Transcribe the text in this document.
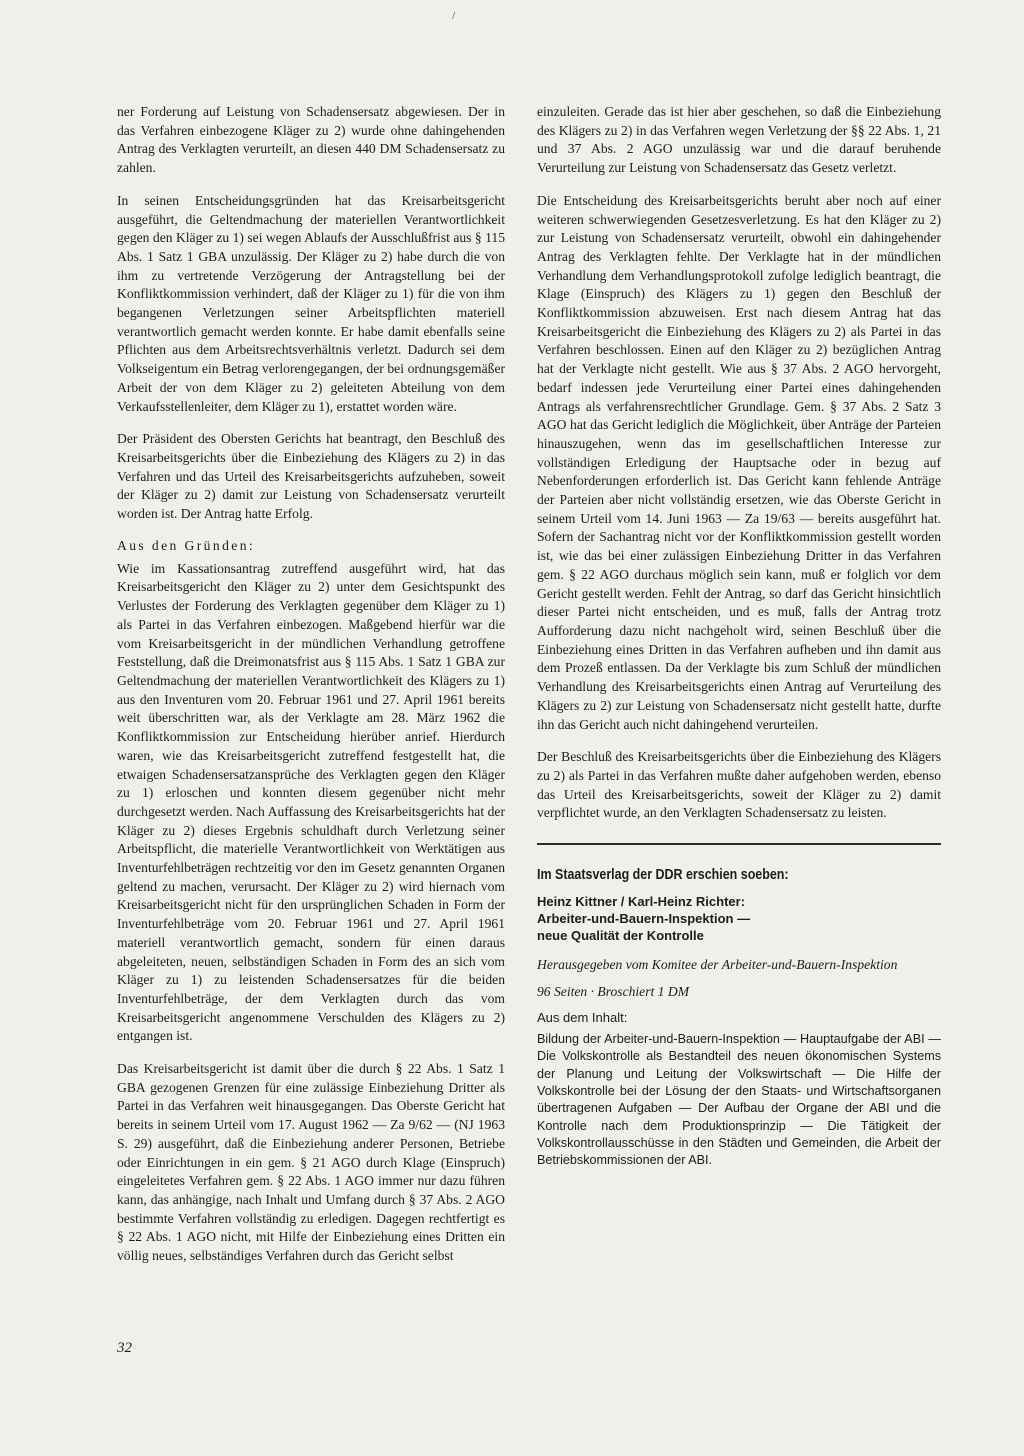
/

ner Forderung auf Leistung von Schadensersatz abgewiesen. Der in das Verfahren einbezogene Kläger zu 2) wurde ohne dahingehenden Antrag des Verklagten verurteilt, an diesen 440 DM Schadensersatz zu zahlen.

In seinen Entscheidungsgründen hat das Kreisarbeitsgericht ausgeführt, die Geltendmachung der materiellen Verantwortlichkeit gegen den Kläger zu 1) sei wegen Ablaufs der Ausschlußfrist aus § 115 Abs. 1 Satz 1 GBA unzulässig. Der Kläger zu 2) habe durch die von ihm zu vertretende Verzögerung der Antragstellung bei der Konfliktkommission verhindert, daß der Kläger zu 1) für die von ihm begangenen Verletzungen seiner Arbeitspflichten materiell verantwortlich gemacht werden konnte. Er habe damit ebenfalls seine Pflichten aus dem Arbeitsrechtsverhältnis verletzt. Dadurch sei dem Volkseigentum ein Betrag verlorengegangen, der bei ordnungsgemäßer Arbeit der von dem Kläger zu 2) geleiteten Abteilung von dem Verkaufsstellenleiter, dem Kläger zu 1), erstattet worden wäre.

Der Präsident des Obersten Gerichts hat beantragt, den Beschluß des Kreisarbeitsgerichts über die Einbeziehung des Klägers zu 2) in das Verfahren und das Urteil des Kreisarbeitsgerichts aufzuheben, soweit der Kläger zu 2) damit zur Leistung von Schadensersatz verurteilt worden ist. Der Antrag hatte Erfolg.

Aus den Gründen:

Wie im Kassationsantrag zutreffend ausgeführt wird, hat das Kreisarbeitsgericht den Kläger zu 2) unter dem Gesichtspunkt des Verlustes der Forderung des Verklagten gegenüber dem Kläger zu 1) als Partei in das Verfahren einbezogen. Maßgebend hierfür war die vom Kreisarbeitsgericht in der mündlichen Verhandlung getroffene Feststellung, daß die Dreimonatsfrist aus § 115 Abs. 1 Satz 1 GBA zur Geltendmachung der materiellen Verantwortlichkeit des Klägers zu 1) aus den Inventuren vom 20. Februar 1961 und 27. April 1961 bereits weit überschritten war, als der Verklagte am 28. März 1962 die Konfliktkommission zur Entscheidung hierüber anrief. Hierdurch waren, wie das Kreisarbeitsgericht zutreffend festgestellt hat, die etwaigen Schadensersatzansprüche des Verklagten gegen den Kläger zu 1) erloschen und konnten diesem gegenüber nicht mehr durchgesetzt werden. Nach Auffassung des Kreisarbeitsgerichts hat der Kläger zu 2) dieses Ergebnis schuldhaft durch Verletzung seiner Arbeitspflicht, die materielle Verantwortlichkeit von Werktätigen aus Inventurfehlbeträgen rechtzeitig vor den im Gesetz genannten Organen geltend zu machen, verursacht. Der Kläger zu 2) wird hiernach vom Kreisarbeitsgericht nicht für den ursprünglichen Schaden in Form der Inventurfehlbeträge vom 20. Februar 1961 und 27. April 1961 materiell verantwortlich gemacht, sondern für einen daraus abgeleiteten, neuen, selbständigen Schaden in Form des an sich vom Kläger zu 1) zu leistenden Schadensersatzes für die beiden Inventurfehlbeträge, der dem Verklagten durch das vom Kreisarbeitsgericht angenommene Verschulden des Klägers zu 2) entgangen ist.

Das Kreisarbeitsgericht ist damit über die durch § 22 Abs. 1 Satz 1 GBA gezogenen Grenzen für eine zulässige Einbeziehung Dritter als Partei in das Verfahren weit hinausgegangen. Das Oberste Gericht hat bereits in seinem Urteil vom 17. August 1962 — Za 9/62 — (NJ 1963 S. 29) ausgeführt, daß die Einbeziehung anderer Personen, Betriebe oder Einrichtungen in ein gem. § 21 AGO durch Klage (Einspruch) eingeleitetes Verfahren gem. § 22 Abs. 1 AGO immer nur dazu führen kann, das anhängige, nach Inhalt und Umfang durch § 37 Abs. 2 AGO bestimmte Verfahren vollständig zu erledigen. Dagegen rechtfertigt es § 22 Abs. 1 AGO nicht, mit Hilfe der Einbeziehung eines Dritten ein völlig neues, selbständiges Verfahren durch das Gericht selbst

einzuleiten. Gerade das ist hier aber geschehen, so daß die Einbeziehung des Klägers zu 2) in das Verfahren wegen Verletzung der §§ 22 Abs. 1, 21 und 37 Abs. 2 AGO unzulässig war und die darauf beruhende Verurteilung zur Leistung von Schadensersatz das Gesetz verletzt.

Die Entscheidung des Kreisarbeitsgerichts beruht aber noch auf einer weiteren schwerwiegenden Gesetzesverletzung. Es hat den Kläger zu 2) zur Leistung von Schadensersatz verurteilt, obwohl ein dahingehender Antrag des Verklagten fehlte. Der Verklagte hat in der mündlichen Verhandlung dem Verhandlungsprotokoll zufolge lediglich beantragt, die Klage (Einspruch) des Klägers zu 1) gegen den Beschluß der Konfliktkommission abzuweisen. Erst nach diesem Antrag hat das Kreisarbeitsgericht die Einbeziehung des Klägers zu 2) als Partei in das Verfahren beschlossen. Einen auf den Kläger zu 2) bezüglichen Antrag hat der Verklagte nicht gestellt. Wie aus § 37 Abs. 2 AGO hervorgeht, bedarf indessen jede Verurteilung einer Partei eines dahingehenden Antrags als verfahrensrechtlicher Grundlage. Gem. § 37 Abs. 2 Satz 3 AGO hat das Gericht lediglich die Möglichkeit, über Anträge der Parteien hinauszugehen, wenn das im gesellschaftlichen Interesse zur vollständigen Erledigung der Hauptsache oder in bezug auf Nebenforderungen erforderlich ist. Das Gericht kann fehlende Anträge der Parteien aber nicht vollständig ersetzen, wie das Oberste Gericht in seinem Urteil vom 14. Juni 1963 — Za 19/63 — bereits ausgeführt hat. Sofern der Sachantrag nicht vor der Konfliktkommission gestellt worden ist, wie das bei einer zulässigen Einbeziehung Dritter in das Verfahren gem. § 22 AGO durchaus möglich sein kann, muß er folglich vor dem Gericht gestellt werden. Fehlt der Antrag, so darf das Gericht hinsichtlich dieser Partei nicht entscheiden, und es muß, falls der Antrag trotz Aufforderung dazu nicht nachgeholt wird, seinen Beschluß über die Einbeziehung eines Dritten in das Verfahren aufheben und ihn damit aus dem Prozeß entlassen. Da der Verklagte bis zum Schluß der mündlichen Verhandlung des Kreisarbeitsgerichts einen Antrag auf Verurteilung des Klägers zu 2) zur Leistung von Schadensersatz nicht gestellt hatte, durfte ihn das Gericht auch nicht dahingehend verurteilen.

Der Beschluß des Kreisarbeitsgerichts über die Einbeziehung des Klägers zu 2) als Partei in das Verfahren mußte daher aufgehoben werden, ebenso das Urteil des Kreisarbeitsgerichts, soweit der Kläger zu 2) damit verpflichtet wurde, an den Verklagten Schadensersatz zu leisten.

Im Staatsverlag der DDR erschien soeben:
Heinz Kittner / Karl-Heinz Richter:
Arbeiter-und-Bauern-Inspektion —
neue Qualität der Kontrolle
Herausgegeben vom Komitee der Arbeiter-und-Bauern-Inspektion
96 Seiten · Broschiert 1 DM
Aus dem Inhalt:
Bildung der Arbeiter-und-Bauern-Inspektion — Hauptaufgabe der ABI — Die Volkskontrolle als Bestandteil des neuen ökonomischen Systems der Planung und Leitung der Volkswirtschaft — Die Hilfe der Volkskontrolle bei der Lösung der den Staats- und Wirtschaftsorganen übertragenen Aufgaben — Der Aufbau der Organe der ABI und die Kontrolle nach dem Produktionsprinzip — Die Tätigkeit der Volkskontrollausschüsse in den Städten und Gemeinden, die Arbeit der Betriebskommissionen der ABI.
32
